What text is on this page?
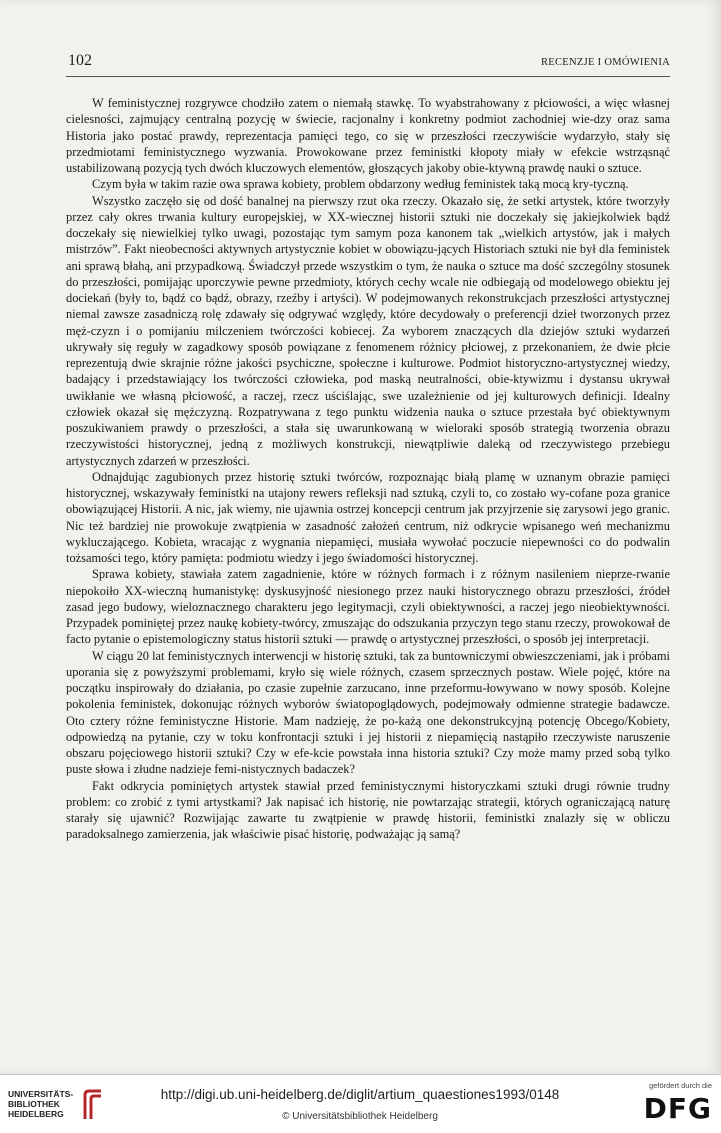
102	RECENZJE I OMÓWIENIA

W feministycznej rozgrywce chodziło zatem o niemałą stawkę. To wyabstrahowany z płciowości, a więc własnej cielesności, zajmujący centralną pozycję w świecie, racjonalny i konkretny podmiot zachodniej wie-dzy oraz sama Historia jako postać prawdy, reprezentacja pamięci tego, co się w przeszłości rzeczywiście wydarzyło, stały się przedmiotami feministycznego wyzwania. Prowokowane przez feministki kłopoty miały w efekcie wstrząsnąć ustabilizowaną pozycją tych dwóch kluczowych elementów, głoszących jakoby obie-ktywną prawdę nauki o sztuce.

Czym była w takim razie owa sprawa kobiety, problem obdarzony według feministek taką mocą kry-tyczną.

Wszystko zaczęło się od dość banalnej na pierwszy rzut oka rzeczy. Okazało się, że setki artystek, które tworzyły przez cały okres trwania kultury europejskiej, w XX-wiecznej historii sztuki nie doczekały się jakiejkolwiek bądź doczekały się niewielkiej tylko uwagi, pozostając tym samym poza kanonem tak „wielkich artystów, jak i małych mistrzów”. Fakt nieobecności aktywnych artystycznie kobiet w obowiązu-jących Historiach sztuki nie był dla feministek ani sprawą błahą, ani przypadkową. Świadczył przede wszystkim o tym, że nauka o sztuce ma dość szczególny stosunek do przeszłości, pomijając uporczywie pewne przedmioty, których cechy wcale nie odbiegają od modelowego obiektu jej dociekań (były to, bądź co bądź, obrazy, rzeźby i artyści). W podejmowanych rekonstrukcjach przeszłości artystycznej niemal zawsze zasadniczą rolę zdawały się odgrywać względy, które decydowały o preferencji dzieł tworzonych przez męż-czyzn i o pomijaniu milczeniem twórczości kobiecej. Za wyborem znaczących dla dziejów sztuki wydarzeń ukrywały się reguły w zagadkowy sposób powiązane z fenomenem różnicy płciowej, z przekonaniem, że dwie płcie reprezentują dwie skrajnie różne jakości psychiczne, społeczne i kulturowe. Podmiot historyczno-artystycznej wiedzy, badający i przedstawiający los twórczości człowieka, pod maską neutralności, obie-ktywizmu i dystansu ukrywał uwikłanie we własną płciowość, a raczej, rzecz uściślając, swe uzależnienie od jej kulturowych definicji. Idealny człowiek okazał się mężczyzną. Rozpatrywana z tego punktu widzenia nauka o sztuce przestała być obiektywnym poszukiwaniem prawdy o przeszłości, a stała się uwarunkowaną w wieloraki sposób strategią tworzenia obrazu rzeczywistości historycznej, jedną z możliwych konstrukcji, niewątpliwie daleką od rzeczywistego przebiegu artystycznych zdarzeń w przeszłości.

Odnajdując zagubionych przez historię sztuki twórców, rozpoznając białą plamę w uznanym obrazie pamięci historycznej, wskazywały feministki na utajony rewers refleksji nad sztuką, czyli to, co zostało wy-cofane poza granice obowiązującej Historii. A nic, jak wiemy, nie ujawnia ostrzej koncepcji centrum jak przyjrzenie się zarysowi jego granic. Nic też bardziej nie prowokuje zwątpienia w zasadność założeń centrum, niż odkrycie wpisanego weń mechanizmu wykluczającego. Kobieta, wracając z wygnania niepamięci, musiała wywołać poczucie niepewności co do podwalin tożsamości tego, który pamięta: podmiotu wiedzy i jego świadomości historycznej.

Sprawa kobiety, stawiała zatem zagadnienie, które w różnych formach i z różnym nasileniem nieprze-rwanie niepokoiło XX-wieczną humanistykę: dyskusyjność niesionego przez nauki historycznego obrazu przeszłości, źródeł zasad jego budowy, wieloznacznego charakteru jego legitymacji, czyli obiektywności, a raczej jego nieobiektywności. Przypadek pominiętej przez naukę kobiety-twórcy, zmuszając do odszukania przyczyn tego stanu rzeczy, prowokował de facto pytanie o epistemologiczny status historii sztuki — prawdę o artystycznej przeszłości, o sposób jej interpretacji.

W ciągu 20 lat feministycznych interwencji w historię sztuki, tak za buntowniczymi obwieszczeniami, jak i próbami uporania się z powyższymi problemami, kryło się wiele różnych, czasem sprzecznych postaw. Wiele pojęć, które na początku inspirowały do działania, po czasie zupełnie zarzucano, inne przeformu-łowywano w nowy sposób. Kolejne pokolenia feministek, dokonując różnych wyborów światopoglądowych, podejmowały odmienne strategie badawcze. Oto cztery różne feministyczne Historie. Mam nadzieję, że po-każą one dekonstrukcyjną potencję Obcego/Kobiety, odpowiedzą na pytanie, czy w toku konfrontacji sztuki i jej historii z niepamięcią nastąpiło rzeczywiste naruszenie obszaru pojęciowego historii sztuki? Czy w efe-kcie powstała inna historia sztuki? Czy może mamy przed sobą tylko puste słowa i złudne nadzieje femi-nistycznych badaczek?

Fakt odkrycia pominiętych artystek stawiał przed feministycznymi historyczkami sztuki drugi równie trudny problem: co zrobić z tymi artystkami? Jak napisać ich historię, nie powtarzając strategii, których ograniczającą naturę starały się ujawnić? Rozwijając zawarte tu zwątpienie w prawdę historii, feministki znalazły się w obliczu paradoksalnego zamierzenia, jak właściwie pisać historię, podważając ją samą?

UNIVERSITÄTS-
BIBLIOTHEK
HEIDELBERG
http://digi.ub.uni-heidelberg.de/diglit/artium_quaestiones1993/0148
© Universitätsbibliothek Heidelberg
gefördert durch die
DFG
